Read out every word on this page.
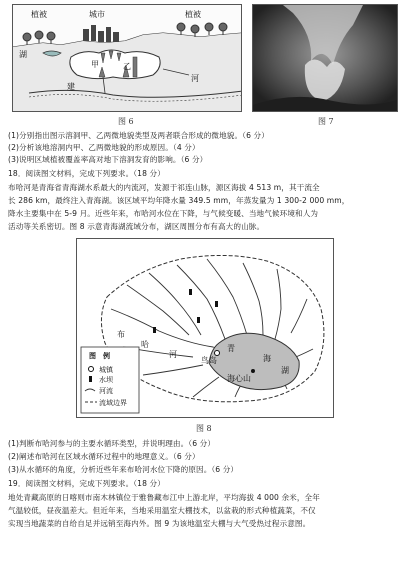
植被	城市	植被
湖
甲	乙
建
河
图 6	图 7
(1)分别指出图示溶洞甲、乙两微地貌类型及两者联合形成的微地貌。（6 分）
(2)分析该地溶洞内甲、乙两微地貌的形成原因。（4 分）
(3)说明区域植被覆盖率高对地下溶洞发育的影响。（6 分）
18．阅读图文材料，完成下列要求。（18 分）
布哈河是青海省青海湖水系最大的内流河，发源于祁连山脉，源区海拔 4 513 m，其干流全
长 286 km，最终注入青海湖。该区域平均年降水量 349.5 mm，年蒸发量为 1 300-2 000 mm，
降水主要集中在 5-9 月。近些年来，布哈河水位在下降，与气候变暖、当地气候环境和人为
活动等关系密切。图 8 示意青海湖流域分布，湖区周围分布有高大的山脉。
布
哈
河
青
海
湖
海心山
鸟岛
图　例
城镇
水坝
河流
流域边界
图 8
(1)判断布哈河参与的主要水循环类型，并说明理由。（6 分）
(2)阐述布哈河在区域水循环过程中的地理意义。（6 分）
(3)从水循环的角度，分析近些年来布哈河水位下降的原因。（6 分）
19．阅读图文材料，完成下列要求。（18 分）
地处青藏高原的日喀则市南木林镇位于雅鲁藏布江中上游北岸，平均海拔 4 000 余米，全年
气温较低，昼夜温差大。但近年来，当地采用温室大棚技术，以盆栽的形式种植蔬菜，不仅
实现当地蔬菜的自给自足并远销至海内外。图 9 为该地温室大棚与大气受热过程示意图。
